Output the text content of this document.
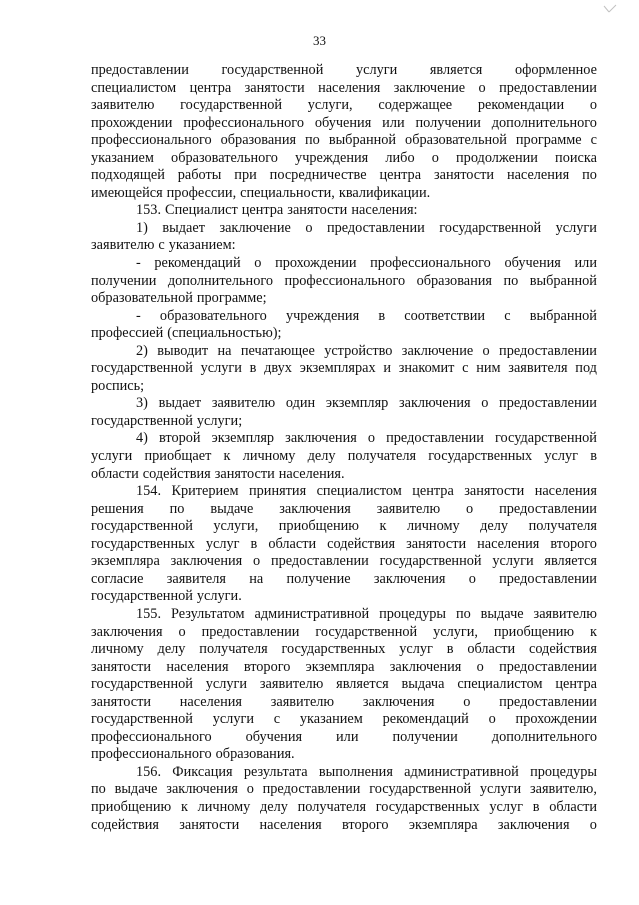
33
предоставлении государственной услуги является оформленное
специалистом центра занятости населения заключение о предоставлении
заявителю государственной услуги, содержащее рекомендации о
прохождении профессионального обучения или получении дополнительного
профессионального образования по выбранной образовательной программе с
указанием образовательного учреждения либо о продолжении поиска
подходящей работы при посредничестве центра занятости населения по
имеющейся профессии, специальности, квалификации.
153. Специалист центра занятости населения:
1) выдает заключение о предоставлении государственной услуги
заявителю с указанием:
- рекомендаций о прохождении профессионального обучения или
получении дополнительного профессионального образования по выбранной
образовательной программе;
- образовательного учреждения в соответствии с выбранной
профессией (специальностью);
2) выводит на печатающее устройство заключение о предоставлении
государственной услуги в двух экземплярах и знакомит с ним заявителя под
роспись;
3) выдает заявителю один экземпляр заключения о предоставлении
государственной услуги;
4) второй экземпляр заключения о предоставлении государственной
услуги приобщает к личному делу получателя государственных услуг в
области содействия занятости населения.
154. Критерием принятия специалистом центра занятости населения
решения по выдаче заключения заявителю о предоставлении
государственной услуги, приобщению к личному делу получателя
государственных услуг в области содействия занятости населения второго
экземпляра заключения о предоставлении государственной услуги является
согласие заявителя на получение заключения о предоставлении
государственной услуги.
155. Результатом административной процедуры по выдаче заявителю
заключения о предоставлении государственной услуги, приобщению к
личному делу получателя государственных услуг в области содействия
занятости населения второго экземпляра заключения о предоставлении
государственной услуги заявителю является выдача специалистом центра
занятости населения заявителю заключения о предоставлении
государственной услуги с указанием рекомендаций о прохождении
профессионального обучения или получении дополнительного
профессионального образования.
156. Фиксация результата выполнения административной процедуры
по выдаче заключения о предоставлении государственной услуги заявителю,
приобщению к личному делу получателя государственных услуг в области
содействия занятости населения второго экземпляра заключения о
